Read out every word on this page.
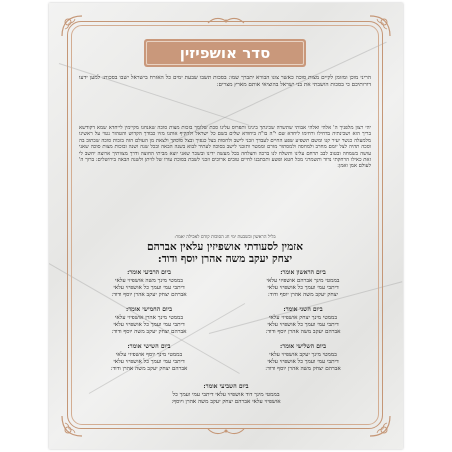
סדר אושפיזין
הריני מוכן ומזומן לקיים מצות סוכה כאשר צונו הבורא יתברך שמו: בסכות תשבו שבעת ימים כל האזרח בישראל ישבו בסכות: למען ידעו דורותיכם כי בסכות הושבתי את בני ישראל בהוציאי אותם מארץ מצרים:
יהי רצון מלפניך ה' אלהי ואלהי אבותי שתשרה שכינתך בינינו ותפרוס עלינו סכת שלומך בזכות מצות סוכה שאנחנו מקיימין לייחדא שמא דקודשא בריך הוא ושכינתיה בדחילו ורחימו ליחדא שם י"ה בו"ה ביחודא שלים בשם כל ישראל ולהקיף אותנו מזיו כבודך הקדוש והטהור נטוי על ראשינו מלמעלה כנשר יעיר קנו ומשם תשפיע שפע החיים לעבדך וזכני לישב ולחסות בצל כנפיך ובצל סוכתך ולצאת מן העולם הזה בזכות סוכה שכתוב בה וסכה תהיה לצל יומם מחרב ולמחסה ולמסתור מזרם וממטר ותזכני לישב בסוכה לעתיד לבוא בשנה הבאה ובכל שנה ושנה ובזכות מצות סוכה שאני עושה בשמחה ובטוב לבב תרחם עלינו ותשלח לנו ברכה והצלחה בכל מעשה ידינו ובשכר שאני יוצא מביתי החוצה ודרך מצוותיך ארוצה יחשב לי זאת כאילו הרחקתי נדוד ותשמרני מכל חטא ופשע ותכתבנו לחיים טובים ארוכים וזכני לשבת בסוכת עורו של לויתן ולשנה הבאה בירושלים: ברוך ה' לעולם אמן ואמן:
בליל הראשון ובשבעת ימי חג הסוכות קודם לאכילה יאמר:
אזמין לסעודתי אושפיזין עלאין אברהם
יצחק יעקב משה אהרן יוסף ודוד:
ביום הראשון אומר:
בממטי מינך אברהם אושפיזי עלאי
דיתבי עמי ועמך כל אושפיזי עלאי
יצחק יעקב משה אהרן יוסף ודוד:
ביום השני אומר:
בממטי מינך יצחק אושפיזי עלאי
דיתבי עמי ועמך כל אושפיזי עלאי
אברהם יעקב משה אהרן יוסף ודוד:
ביום השלישי אומר:
בממטי מינך יעקב אושפיזי עלאי
דיתבי עמי ועמך כל אושפיזי עלאי
אברהם יצחק משה אהרן יוסף ודוד:
ביום הרביעי אומר:
בממטי מינך משה אושפיזי עלאי
דיתבי עמי ועמך כל אושפיזי עלאי
אברהם יצחק יעקב אהרן יוסף ודוד:
ביום החמישי אומר:
בממטי מינך אהרן אושפיזי עלאי
דיתבי עמי ועמך כל אושפיזי עלאי
אברהם יצחק יעקב משה יוסף ודוד:
ביום השישי אומר:
בממטי מינך יוסף אושפיזי עלאי
דיתבי עמי ועמך כל אושפיזי עלאי
אברהם יצחק יעקב משה אהרן ודוד:
ביום השביעי אומר:
בממטי מינך דוד אושפיזי עלאי דיתבי עמי ועמך כל
אושפיזי עלאי אברהם יצחק יעקב משה אהרן ויוסף:
